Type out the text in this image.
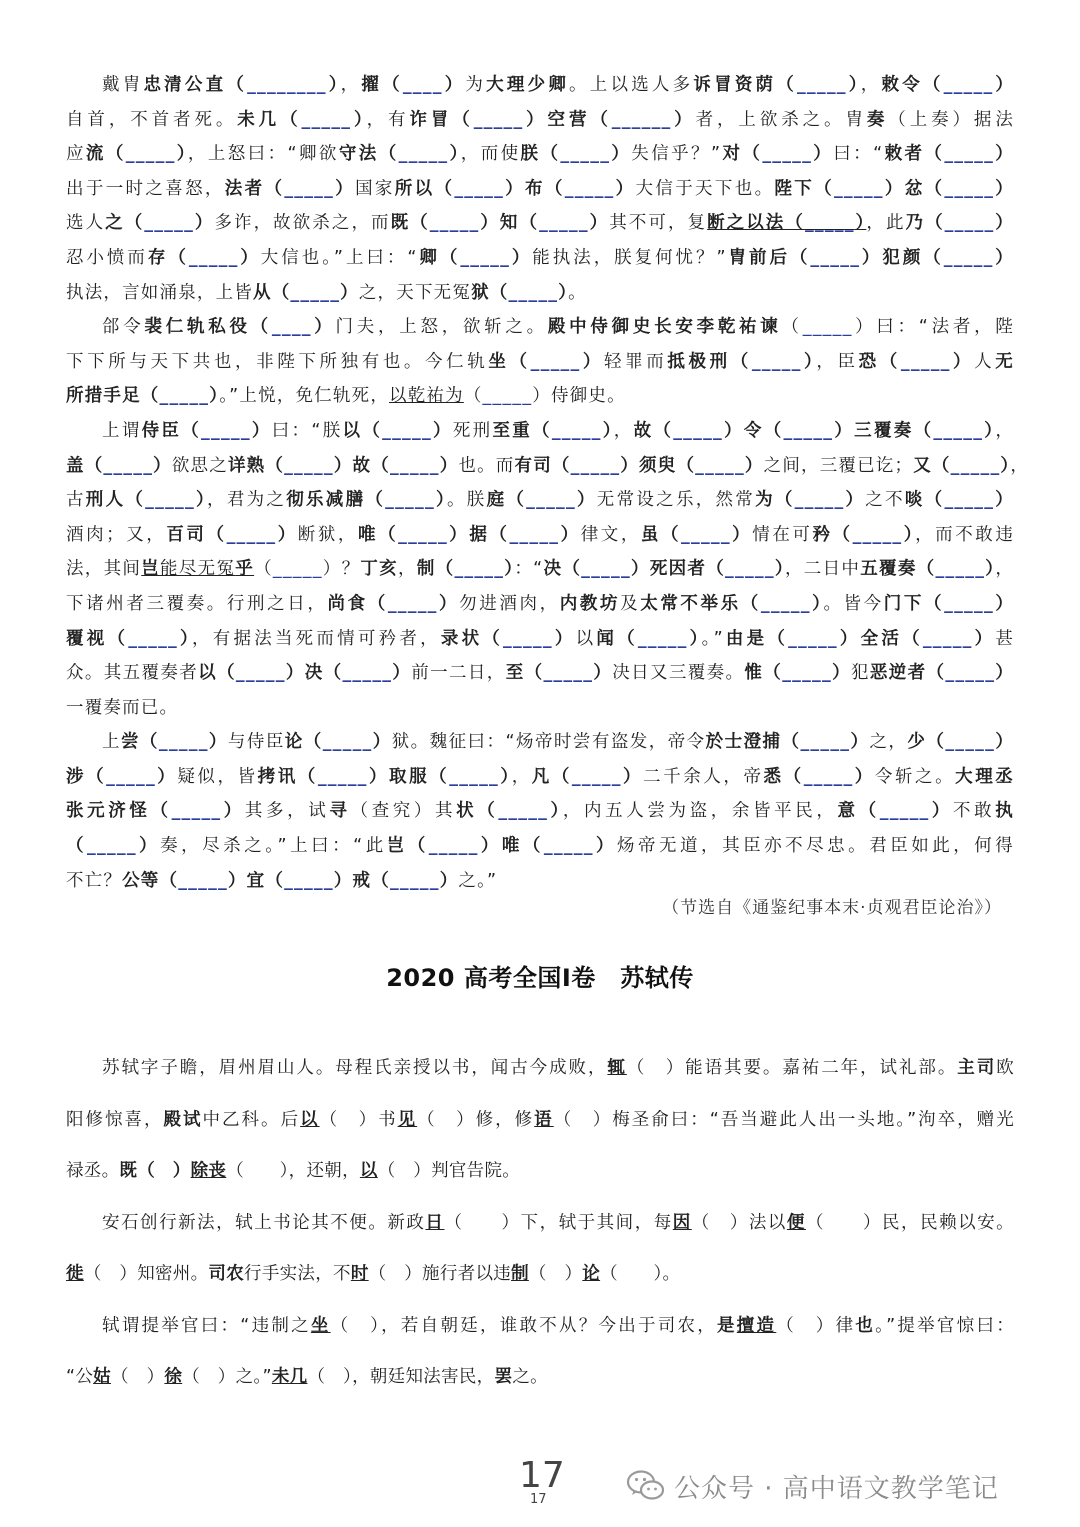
戴胄忠清公直（________），擢（____）为大理少卿。上以选人多诉冒资荫（_____），敕令（_____）
自首，不首者死。未几（_____），有诈冒（_____）空营（______）者，上欲杀之。胄奏（上奏）据法
应流（_____），上怒曰：“卿欲守法（_____），而使朕（_____）失信乎？”对（_____）曰：“敕者（_____）
出于一时之喜怒，法者（_____）国家所以（_____）布（_____）大信于天下也。陛下（_____）忿（_____）
选人之（_____）多诈，故欲杀之，而既（_____）知（_____）其不可，复断之以法（_____），此乃（_____）
忍小愤而存（_____）大信也。”上曰：“卿（_____）能执法，朕复何忧？”胄前后（_____）犯颜（_____）
执法，言如涌泉，上皆从（_____）之，天下无冤狱（_____）。
郃令裴仁轨私役（____）门夫，上怒，欲斩之。殿中侍御史长安李乾祐谏（_____）曰：“法者，陛
下下所与天下共也，非陛下所独有也。今仁轨坐（_____）轻罪而抵极刑（_____），臣恐（_____）人无
所措手足（_____）。”上悦，免仁轨死，以乾祐为（_____）侍御史。
上谓侍臣（_____）曰：“朕以（_____）死刑至重（_____），故（_____）令（_____）三覆奏（_____），
盖（_____）欲思之详熟（_____）故（_____）也。而有司（_____）须臾（_____）之间，三覆已讫；又（_____），
古刑人（_____），君为之彻乐减膳（_____）。朕庭（_____）无常设之乐，然常为（_____）之不啖（_____）
酒肉；又，百司（_____）断狱，唯（_____）据（_____）律文，虽（_____）情在可矜（_____），而不敢违
法，其间岂能尽无冤乎（_____）？丁亥，制（_____）：“决（_____）死因者（_____），二日中五覆奏（_____），
下诸州者三覆奏。行刑之日，尚食（_____）勿进酒肉，内教坊及太常不举乐（_____）。皆今门下（_____）
覆视（_____），有据法当死而情可矜者，录状（_____）以闻（_____）。”由是（_____）全活（_____）甚
众。其五覆奏者以（_____）决（_____）前一二日，至（_____）决日又三覆奏。惟（_____）犯恶逆者（_____）
一覆奏而已。
上尝（_____）与侍臣论（_____）狱。魏征曰：“炀帝时尝有盗发，帝令於士澄捕（_____）之，少（_____）
涉（_____）疑似，皆拷讯（_____）取服（_____），凡（_____）二千余人，帝悉（_____）令斩之。大理丞
张元济怪（_____）其多，试寻（查究）其状（_____），内五人尝为盗，余皆平民，意（_____）不敢执
（_____）奏，尽杀之。”上曰：“此岂（_____）唯（_____）炀帝无道，其臣亦不尽忠。君臣如此，何得
不亡？公等（_____）宜（_____）戒（_____）之。”
（节选自《通鉴纪事本末·贞观君臣论治》）
2020 高考全国Ⅰ卷　苏轼传
苏轼字子瞻，眉州眉山人。母程氏亲授以书，闻古今成败，辄（　）能语其要。嘉祐二年，试礼部。主司欧
阳修惊喜，殿试中乙科。后以（　）书见（　）修，修语（　）梅圣俞曰：“吾当避此人出一头地。”泃卒，赠光
禄丞。既（　）除丧（　　），还朝，以（　）判官告院。
安石创行新法，轼上书论其不便。新政日（　　）下，轼于其间，每因（　）法以便（　　）民，民赖以安。
徙（　）知密州。司农行手实法，不时（　）施行者以违制（　）论（　　）。
轼谓提举官曰：“违制之坐（　），若自朝廷，谁敢不从？今出于司农，是擅造（　）律也。”提举官惊曰：
“公姑（　）徐（　）之。”未几（　），朝廷知法害民，罢之。
17
17	公众号 · 高中语文教学笔记
